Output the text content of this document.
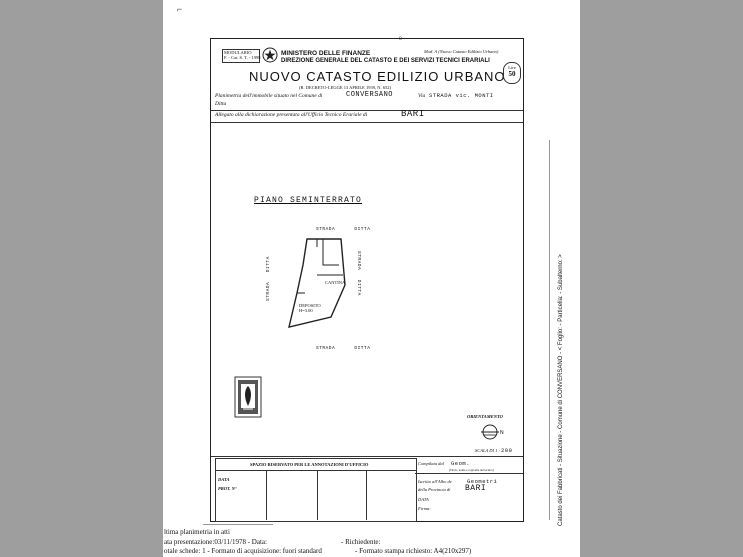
⌐
0
MODULARIO
F. - Cat. S. T. - 1998	MINISTERO DELLE FINANZE
DIREZIONE GENERALE DEL CATASTO E DEI SERVIZI TECNICI ERARIALI
Mod. A (Nuovo Catasto Edilizio Urbano)
NUOVO CATASTO EDILIZIO URBANO
(R. DECRETO-LEGGE 13 APRILE 1939, N. 652)
Lire
50
Planimetria dell'immobile situato nel Comune di	CONVERSANO	Via STRADA vic. MONTI
Ditta
Allegato alla dichiarazione presentata all'Ufficio Tecnico Erariale di	BARI
PIANO SEMINTERRATO
STRADA      DITTA
STRADA      DITTA
STRADA   DITTA	STRADA   DITTA
DEPOSITO
H=3.00
CANTINA
ORIENTAMENTO
N
SCALA DI 1 : 200
SPAZIO RISERVATO PER LE ANNOTAZIONI D'UFFICIO
DATA
PROT. N°
Compilata dal Geom.
(Titolo, nome e cognome del tecnico)
Iscritto all'Albo de	Geometri
della Provincia di BARI
DATA
Firma:	Catasto dei Fabbricati - Situazione - Comune di CONVERSANO - < Foglio: - Particella: - Subalterno: >
ltima planimetria in atti
ata presentazione:03/11/1978 - Data:	- Richiedente:
otale schede: 1 - Formato di acquisizione: fuori standard	- Formato stampa richiesto: A4(210x297)
